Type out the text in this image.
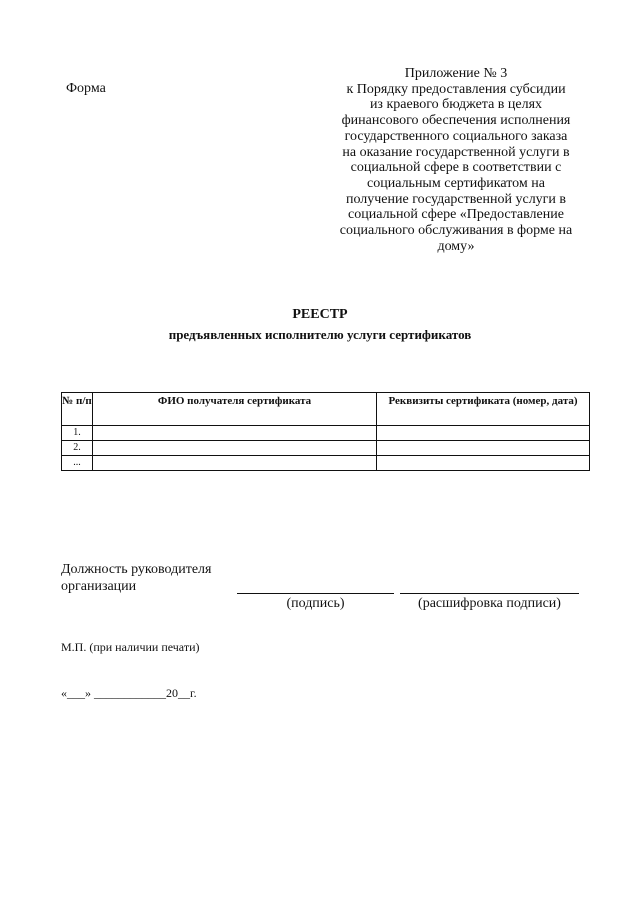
Форма
Приложение № 3
к Порядку предоставления субсидии
из краевого бюджета в целях
финансового обеспечения исполнения
государственного социального заказа
на оказание государственной услуги в
социальной сфере в соответствии с
социальным сертификатом на
получение государственной услуги в
социальной сфере «Предоставление
социального обслуживания в форме на
дому»
РЕЕСТР
предъявленных исполнителю услуги сертификатов
№ п/п	ФИО получателя сертификата	Реквизиты сертификата (номер, дата)
1.		
2.		
...		
Должность руководителя организации
(подпись)	(расшифровка подписи)
М.П. (при наличии печати)
«___» ____________20__г.
